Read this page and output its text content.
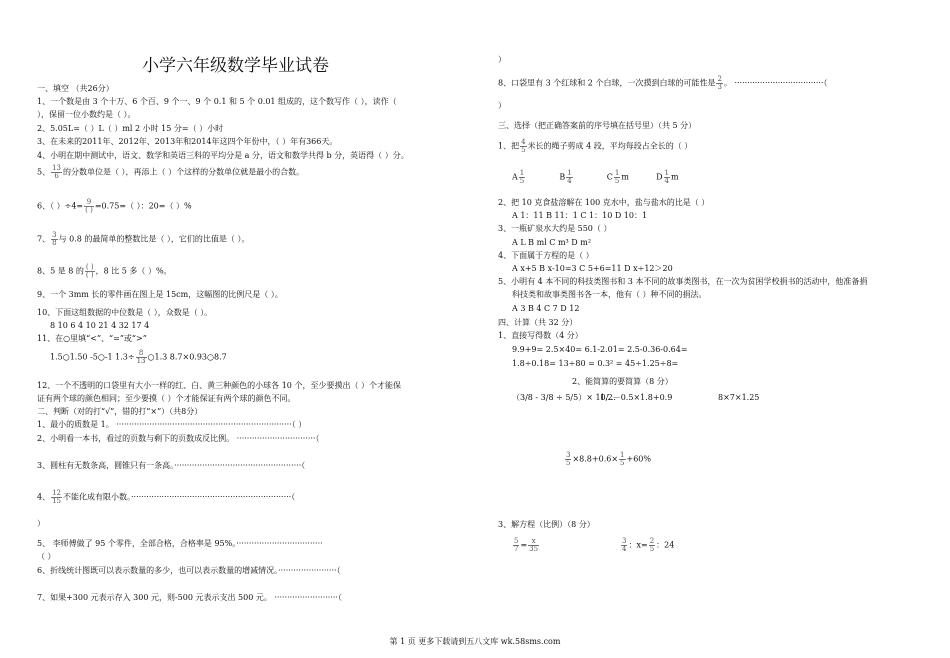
小学六年级数学毕业试卷
一、填空 （共26分）
1、一个数是由 3 个十万、6 个百、9 个一、9 个 0.1 和 5 个 0.01 组成的，这个数写作（ ），读作（
），保留一位小数约是（ ）。
2、5.05L=（ ）L（ ）ml 2 小时 15 分=（ ）小时
3、在未来的2011年、2012年、2013年和2014年这四个年份中，（ ）年有366天。
4、小明在期中测试中，语文、数学和英语三科的平均分是 a 分，语文和数学共得 b 分，英语得（ ）分。
5、 $\frac{13}{6}$ 的分数单位是（ ），再添上（ ）个这样的分数单位就是最小的合数。
6、（ ）$\div 4= \frac{9}{( )} =0.75=$（ ）：20=（ ）%
7、 $\frac{3}{8}$ 与 0.8 的最简单的整数比是（ ），它们的比值是（ ）。
8、5 是 8 的 $\frac{( )}{( )}$ ，8 比 5 多（ ）%。
9、一个 3mm 长的零件画在图上是 15cm，这幅图的比例尺是（ ）。
10、下面这组数据的中位数是（ ），众数是（ ）。
8 10 6 4 10 21 4 32 17 4
11、在○里填“<”、“=”或“>”
1.5○1.50 -5○-1 $1.3\div \frac{8}{13}$ ○1.3 8.7×0.93○8.7
12、一个不透明的口袋里有大小一样的红、白、黄三种颜色的小球各 10 个，至少要摸出（ ）个才能保
证有两个球的颜色相同；至少要摸（ ）个才能保证有两个球的颜色不同。
二、判断（对的打“√”，错的打“×”）（共8分）
1、最小的质数是 1。 ·····································································（ ）
2、小明看一本书，看过的页数与剩下的页数成反比例。 ·······························（
3、圆柱有无数条高，圆锥只有一条高。··················································（
4、 $\frac{12}{15}$ 不能化成有限小数。·······························································（
）
5、 李师傅做了 95 个零件，全部合格，合格率是 95%。··································
（ ）
6、折线统计图既可以表示数量的多少，也可以表示数量的增减情况。·······················（
7、如果+300 元表示存入 300 元，则-500 元表示支出 500 元。 ·························（
）
8、口袋里有 3 个红球和 2 个白球，一次摸到白球的可能性是 $\frac{2}{3}$ 。 ···································（
）
三、选择（把正确答案前的序号填在括号里）（共 5 分）
1、把 $\frac{4}{5}$ 米长的绳子剪成 4 段，平均每段占全长的（ ）
A $\frac{1}{5}$	B $\frac{1}{4}$	C $\frac{1}{5}$ m	D $\frac{1}{4}$ m
2、把 10 克食盐溶解在 100 克水中，盐与盐水的比是（ ）
A 1：11 B 11：1 C 1：10 D 10：1
3、一瓶矿泉水大约是 550（ ）
A L B ml C m³ D m²
4、下面属于方程的是（ ）
A x+5 B x-10=3 C 5+6=11 D x÷12＞20
5、小明有 4 本不同的科技类图书和 3 本不同的故事类图书，在一次为贫困学校捐书的活动中，他准备捐
科技类和故事类图书各一本，他有（ ）种不同的捐法。
A 3 B 4 C 7 D 12
四、计算（共 32 分）
1、直接写得数（4 分）
9.9+9= 2.5×40= 6.1-2.01= 2.5-0.36-0.64=
1.8÷0.18= 13÷80 = 0.3² = 45÷1.25÷8=
2、能简算的要简算（8 分）
（3/8 - 3/8 ÷ 5/5）× 10/...
1.2－0.5×1.8+0.9	8×7×1.25
$\frac{3}{5} \times 8.8+0.6\times \frac{1}{5} +60\%$
3、解方程（比例）（8 分）
$\frac{5}{7} = \frac{x}{35}$	$\frac{3}{4}$ ：$x= \frac{2}{5}$ ：24
第 1 页 更多下载请到五八文库 wk.58sms.com
